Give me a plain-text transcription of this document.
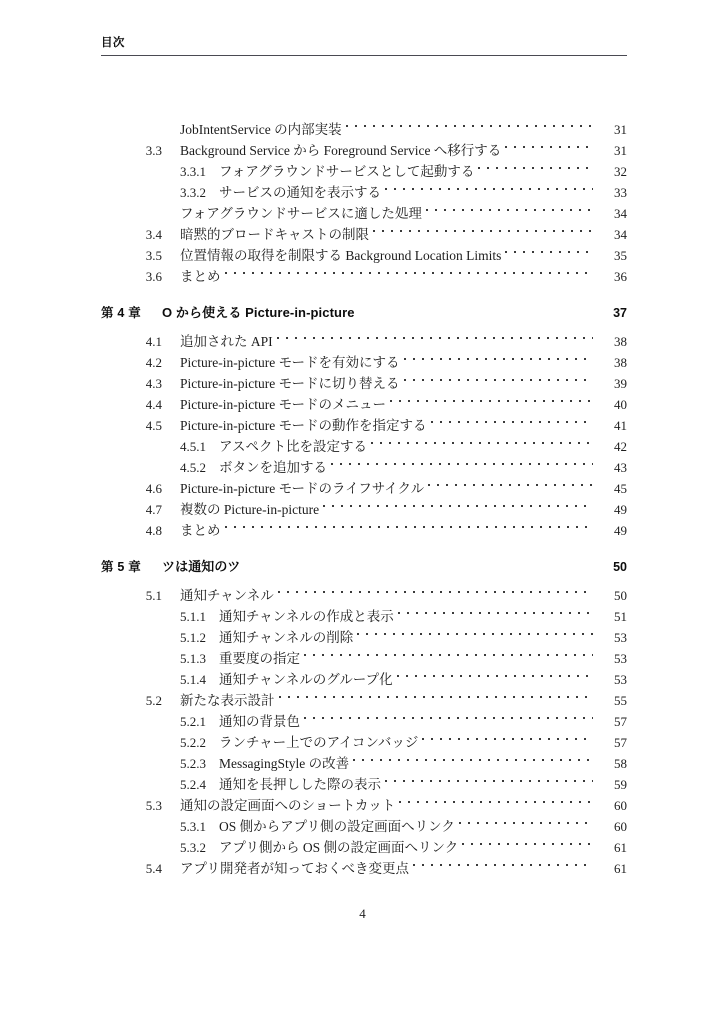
目次
JobIntentService の内部実装	31
3.3 Background Service から Foreground Service へ移行する	31
3.3.1 フォアグラウンドサービスとして起動する	32
3.3.2 サービスの通知を表示する	33
フォアグラウンドサービスに適した処理	34
3.4 暗黙的ブロードキャストの制限	34
3.5 位置情報の取得を制限する Background Location Limits	35
3.6 まとめ	36
第 4 章	O から使える Picture-in-picture	37
4.1 追加された API	38
4.2 Picture-in-picture モードを有効にする	38
4.3 Picture-in-picture モードに切り替える	39
4.4 Picture-in-picture モードのメニュー	40
4.5 Picture-in-picture モードの動作を指定する	41
4.5.1 アスペクト比を設定する	42
4.5.2 ボタンを追加する	43
4.6 Picture-in-picture モードのライフサイクル	45
4.7 複数の Picture-in-picture	49
4.8 まとめ	49
第 5 章	ツは通知のツ	50
5.1 通知チャンネル	50
5.1.1 通知チャンネルの作成と表示	51
5.1.2 通知チャンネルの削除	53
5.1.3 重要度の指定	53
5.1.4 通知チャンネルのグループ化	53
5.2 新たな表示設計	55
5.2.1 通知の背景色	57
5.2.2 ランチャー上でのアイコンバッジ	57
5.2.3 MessagingStyle の改善	58
5.2.4 通知を長押しした際の表示	59
5.3 通知の設定画面へのショートカット	60
5.3.1 OS 側からアプリ側の設定画面へリンク	60
5.3.2 アプリ側から OS 側の設定画面へリンク	61
5.4 アプリ開発者が知っておくべき変更点	61
4
